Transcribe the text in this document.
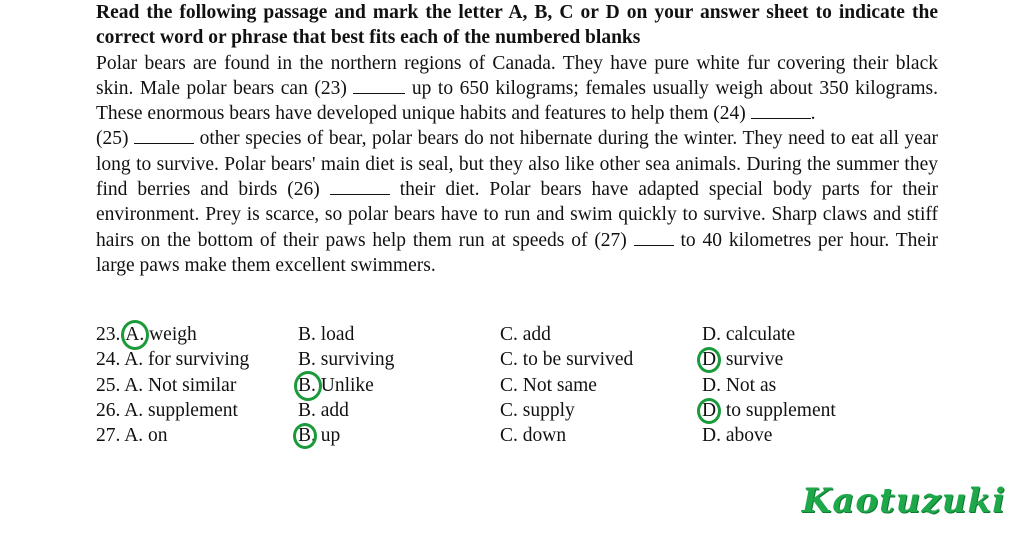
Read the following passage and mark the letter A, B, C or D on your answer sheet to indicate the correct word or phrase that best fits each of the numbered blanks

Polar bears are found in the northern regions of Canada. They have pure white fur covering their black skin. Male polar bears can (23)	up to 650 kilograms; females usually weigh about 350 kilograms. These enormous bears have developed unique habits and features to help them (24)	.

(25)	other species of bear, polar bears do not hibernate during the winter. They need to eat all year long to survive. Polar bears' main diet is seal, but they also like other sea animals. During the summer they find berries and birds (26)	their diet. Polar bears have adapted special body parts for their environment. Prey is scarce, so polar bears have to run and swim quickly to survive. Sharp claws and stiff hairs on the bottom of their paws help them run at speeds of (27)	to 40 kilometres per hour. Their large paws make them excellent swimmers.

23. A. weigh	B. load	C. add	D. calculate
24. A. for surviving B. surviving	C. to be survived	D. survive
25. A. Not similar	B. Unlike	C. Not same	D. Not as
26. A. supplement	B. add	C. supply	D. to supplement
27. A. on	B. up	C. down	D. above
Kaotuzuki
